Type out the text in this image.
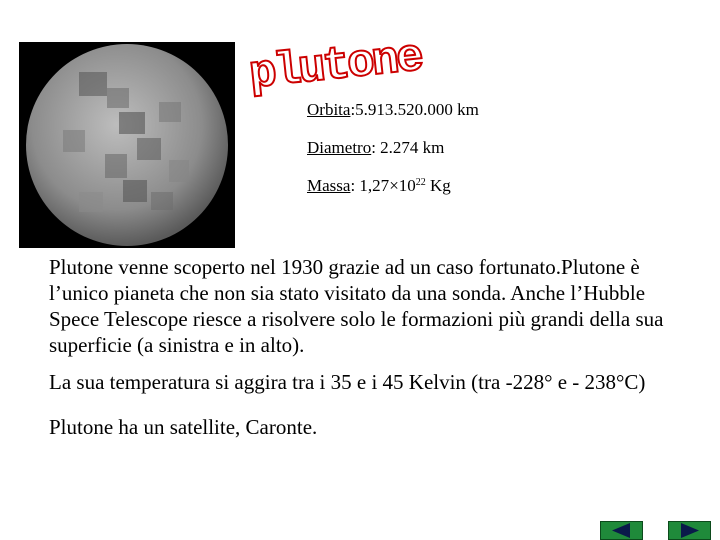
plutone
Orbita:5.913.520.000 km
Diametro: 2.274 km
Massa: $1,27\times 10^{22}$ Kg

Plutone venne scoperto nel 1930 grazie ad un caso fortunato.Plutone è l’unico pianeta che non sia stato visitato da una sonda. Anche l’Hubble Spece Telescope riesce a risolvere solo le formazioni più grandi della sua superficie (a sinistra e in alto).

La sua temperatura si aggira tra i 35 e i 45 Kelvin (tra -228° e - 238°C)

Plutone ha un satellite, Caronte.
